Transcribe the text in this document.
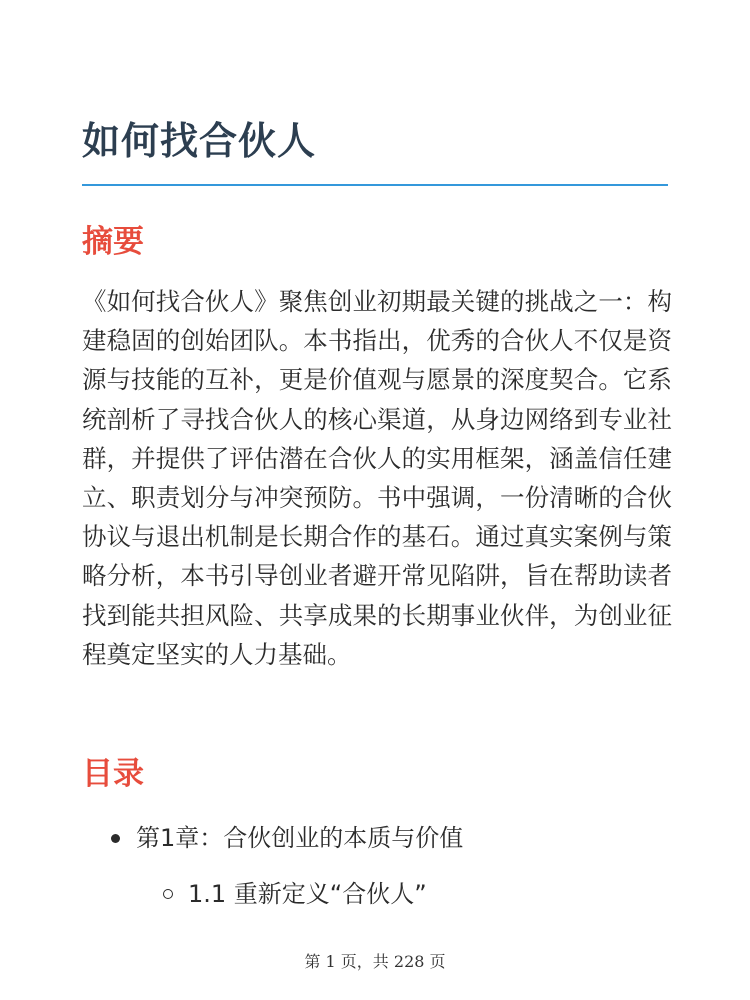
如何找合伙人
摘要

《如何找合伙人》聚焦创业初期最关键的挑战之一：构建稳固的创始团队。本书指出，优秀的合伙人不仅是资源与技能的互补，更是价值观与愿景的深度契合。它系统剖析了寻找合伙人的核心渠道，从身边网络到专业社群，并提供了评估潜在合伙人的实用框架，涵盖信任建立、职责划分与冲突预防。书中强调，一份清晰的合伙协议与退出机制是长期合作的基石。通过真实案例与策略分析，本书引导创业者避开常见陷阱，旨在帮助读者找到能共担风险、共享成果的长期事业伙伴，为创业征程奠定坚实的人力基础。

目录
第1章：合伙创业的本质与价值
1.1 重新定义“合伙人”
第 1 页，共 228 页
